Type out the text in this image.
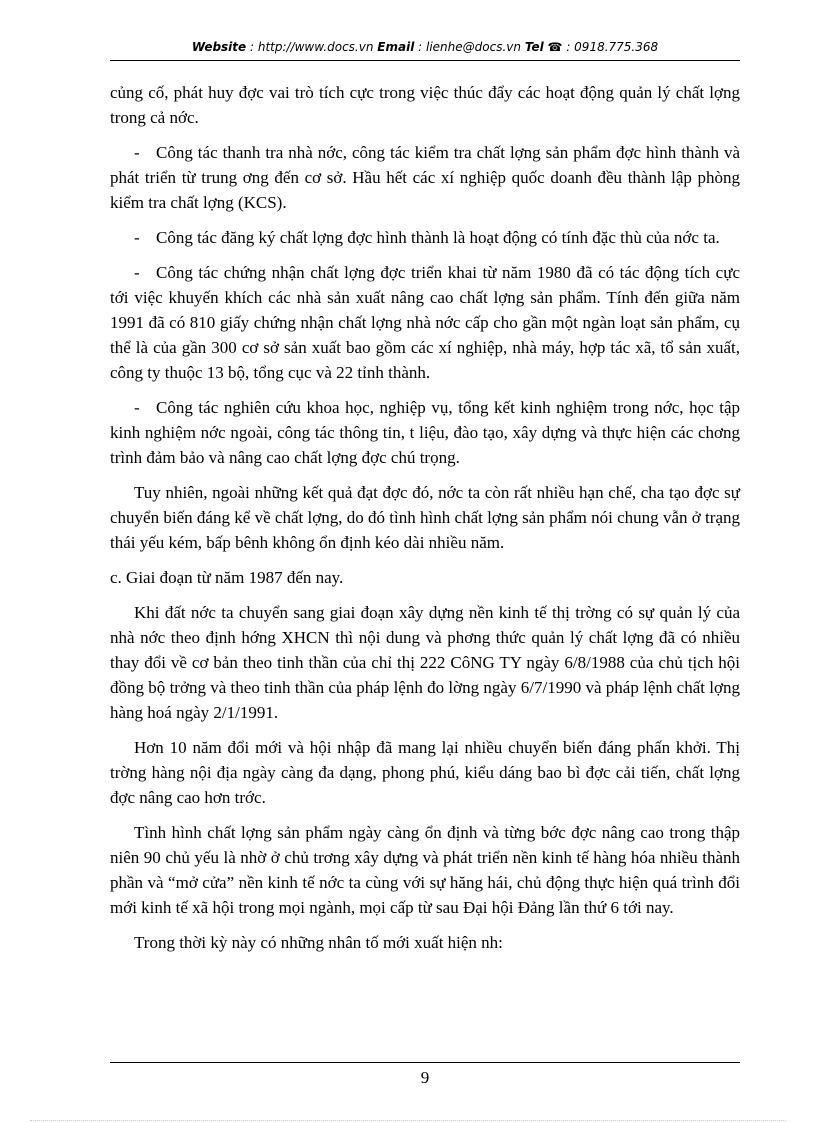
Website : http://www.docs.vn Email : lienhe@docs.vn Tel ☎ : 0918.775.368

củng cố, phát huy đợc vai trò tích cực trong việc thúc đẩy các hoạt động quản lý chất lợng trong cả nớc.

- Công tác thanh tra nhà nớc, công tác kiểm tra chất lợng sản phẩm đợc hình thành và phát triển từ trung ơng đến cơ sở. Hầu hết các xí nghiệp quốc doanh đều thành lập phòng kiểm tra chất lợng (KCS).

- Công tác đăng ký chất lợng đợc hình thành là hoạt động có tính đặc thù của nớc ta.

- Công tác chứng nhận chất lợng đợc triển khai từ năm 1980 đã có tác động tích cực tới việc khuyến khích các nhà sản xuất nâng cao chất lợng sản phẩm. Tính đến giữa năm 1991 đã có 810 giấy chứng nhận chất lợng nhà nớc cấp cho gần một ngàn loạt sản phẩm, cụ thể là của gần 300 cơ sở sản xuất bao gồm các xí nghiệp, nhà máy, hợp tác xã, tổ sản xuất, công ty thuộc 13 bộ, tổng cục và 22 tỉnh thành.

- Công tác nghiên cứu khoa học, nghiệp vụ, tổng kết kinh nghiệm trong nớc, học tập kinh nghiệm nớc ngoài, công tác thông tin, t liệu, đào tạo, xây dựng và thực hiện các chơng trình đảm bảo và nâng cao chất lợng đợc chú trọng.

Tuy nhiên, ngoài những kết quả đạt đợc đó, nớc ta còn rất nhiều hạn chế, cha tạo đợc sự chuyển biến đáng kể về chất lợng, do đó tình hình chất lợng sản phẩm nói chung vẫn ở trạng thái yếu kém, bấp bênh không ổn định kéo dài nhiều năm.

c. Giai đoạn từ năm 1987 đến nay.

Khi đất nớc ta chuyển sang giai đoạn xây dựng nền kinh tế thị trờng có sự quản lý của nhà nớc theo định hớng XHCN thì nội dung và phơng thức quản lý chất lợng đã có nhiều thay đổi về cơ bản theo tinh thần của chỉ thị 222 CôNG TY ngày 6/8/1988 của chủ tịch hội đồng bộ trởng và theo tinh thần của pháp lệnh đo lờng ngày 6/7/1990 và pháp lệnh chất lợng hàng hoá ngày 2/1/1991.

Hơn 10 năm đổi mới và hội nhập đã mang lại nhiều chuyển biến đáng phấn khởi. Thị trờng hàng nội địa ngày càng đa dạng, phong phú, kiểu dáng bao bì đợc cải tiến, chất lợng đợc nâng cao hơn trớc.

Tình hình chất lợng sản phẩm ngày càng ổn định và từng bớc đợc nâng cao trong thập niên 90 chủ yếu là nhờ ở chủ trơng xây dựng và phát triển nền kinh tế hàng hóa nhiều thành phần và “mở cửa” nền kinh tế nớc ta cùng với sự hăng hái, chủ động thực hiện quá trình đổi mới kinh tế xã hội trong mọi ngành, mọi cấp từ sau Đại hội Đảng lần thứ 6 tới nay.

Trong thời kỳ này có những nhân tố mới xuất hiện nh:

9
